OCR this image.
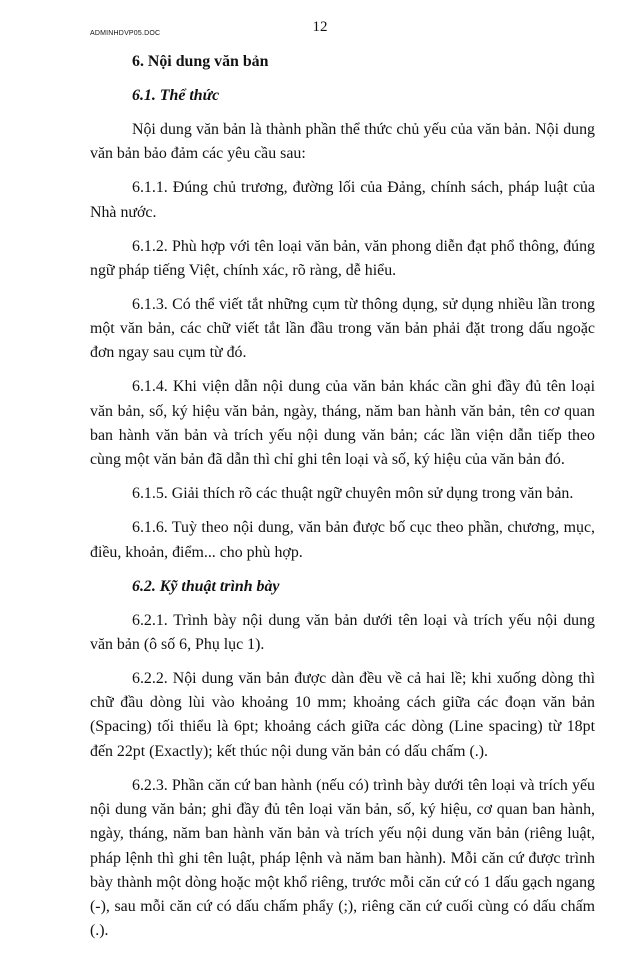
ADMINHDVP05.DOC	12
6. Nội dung văn bản
6.1. Thể thức

Nội dung văn bản là thành phần thể thức chủ yếu của văn bản. Nội dung văn bản bảo đảm các yêu cầu sau:

6.1.1. Đúng chủ trương, đường lối của Đảng, chính sách, pháp luật của Nhà nước.

6.1.2. Phù hợp với tên loại văn bản, văn phong diễn đạt phổ thông, đúng ngữ pháp tiếng Việt, chính xác, rõ ràng, dễ hiểu.

6.1.3. Có thể viết tắt những cụm từ thông dụng, sử dụng nhiều lần trong một văn bản, các chữ viết tắt lần đầu trong văn bản phải đặt trong dấu ngoặc đơn ngay sau cụm từ đó.

6.1.4. Khi viện dẫn nội dung của văn bản khác cần ghi đầy đủ tên loại văn bản, số, ký hiệu văn bản, ngày, tháng, năm ban hành văn bản, tên cơ quan ban hành văn bản và trích yếu nội dung văn bản; các lần viện dẫn tiếp theo cùng một văn bản đã dẫn thì chỉ ghi tên loại và số, ký hiệu của văn bản đó.

6.1.5. Giải thích rõ các thuật ngữ chuyên môn sử dụng trong văn bản.

6.1.6. Tuỳ theo nội dung, văn bản được bố cục theo phần, chương, mục, điều, khoản, điểm... cho phù hợp.

6.2. Kỹ thuật trình bày

6.2.1. Trình bày nội dung văn bản dưới tên loại và trích yếu nội dung văn bản (ô số 6, Phụ lục 1).

6.2.2. Nội dung văn bản được dàn đều về cả hai lề; khi xuống dòng thì chữ đầu dòng lùi vào khoảng 10 mm; khoảng cách giữa các đoạn văn bản (Spacing) tối thiểu là 6pt; khoảng cách giữa các dòng (Line spacing) từ 18pt đến 22pt (Exactly); kết thúc nội dung văn bản có dấu chấm (.).

6.2.3. Phần căn cứ ban hành (nếu có) trình bày dưới tên loại và trích yếu nội dung văn bản; ghi đầy đủ tên loại văn bản, số, ký hiệu, cơ quan ban hành, ngày, tháng, năm ban hành văn bản và trích yếu nội dung văn bản (riêng luật, pháp lệnh thì ghi tên luật, pháp lệnh và năm ban hành). Mỗi căn cứ được trình bày thành một dòng hoặc một khổ riêng, trước mỗi căn cứ có 1 dấu gạch ngang (-), sau mỗi căn cứ có dấu chấm phẩy (;), riêng căn cứ cuối cùng có dấu chấm (.).
